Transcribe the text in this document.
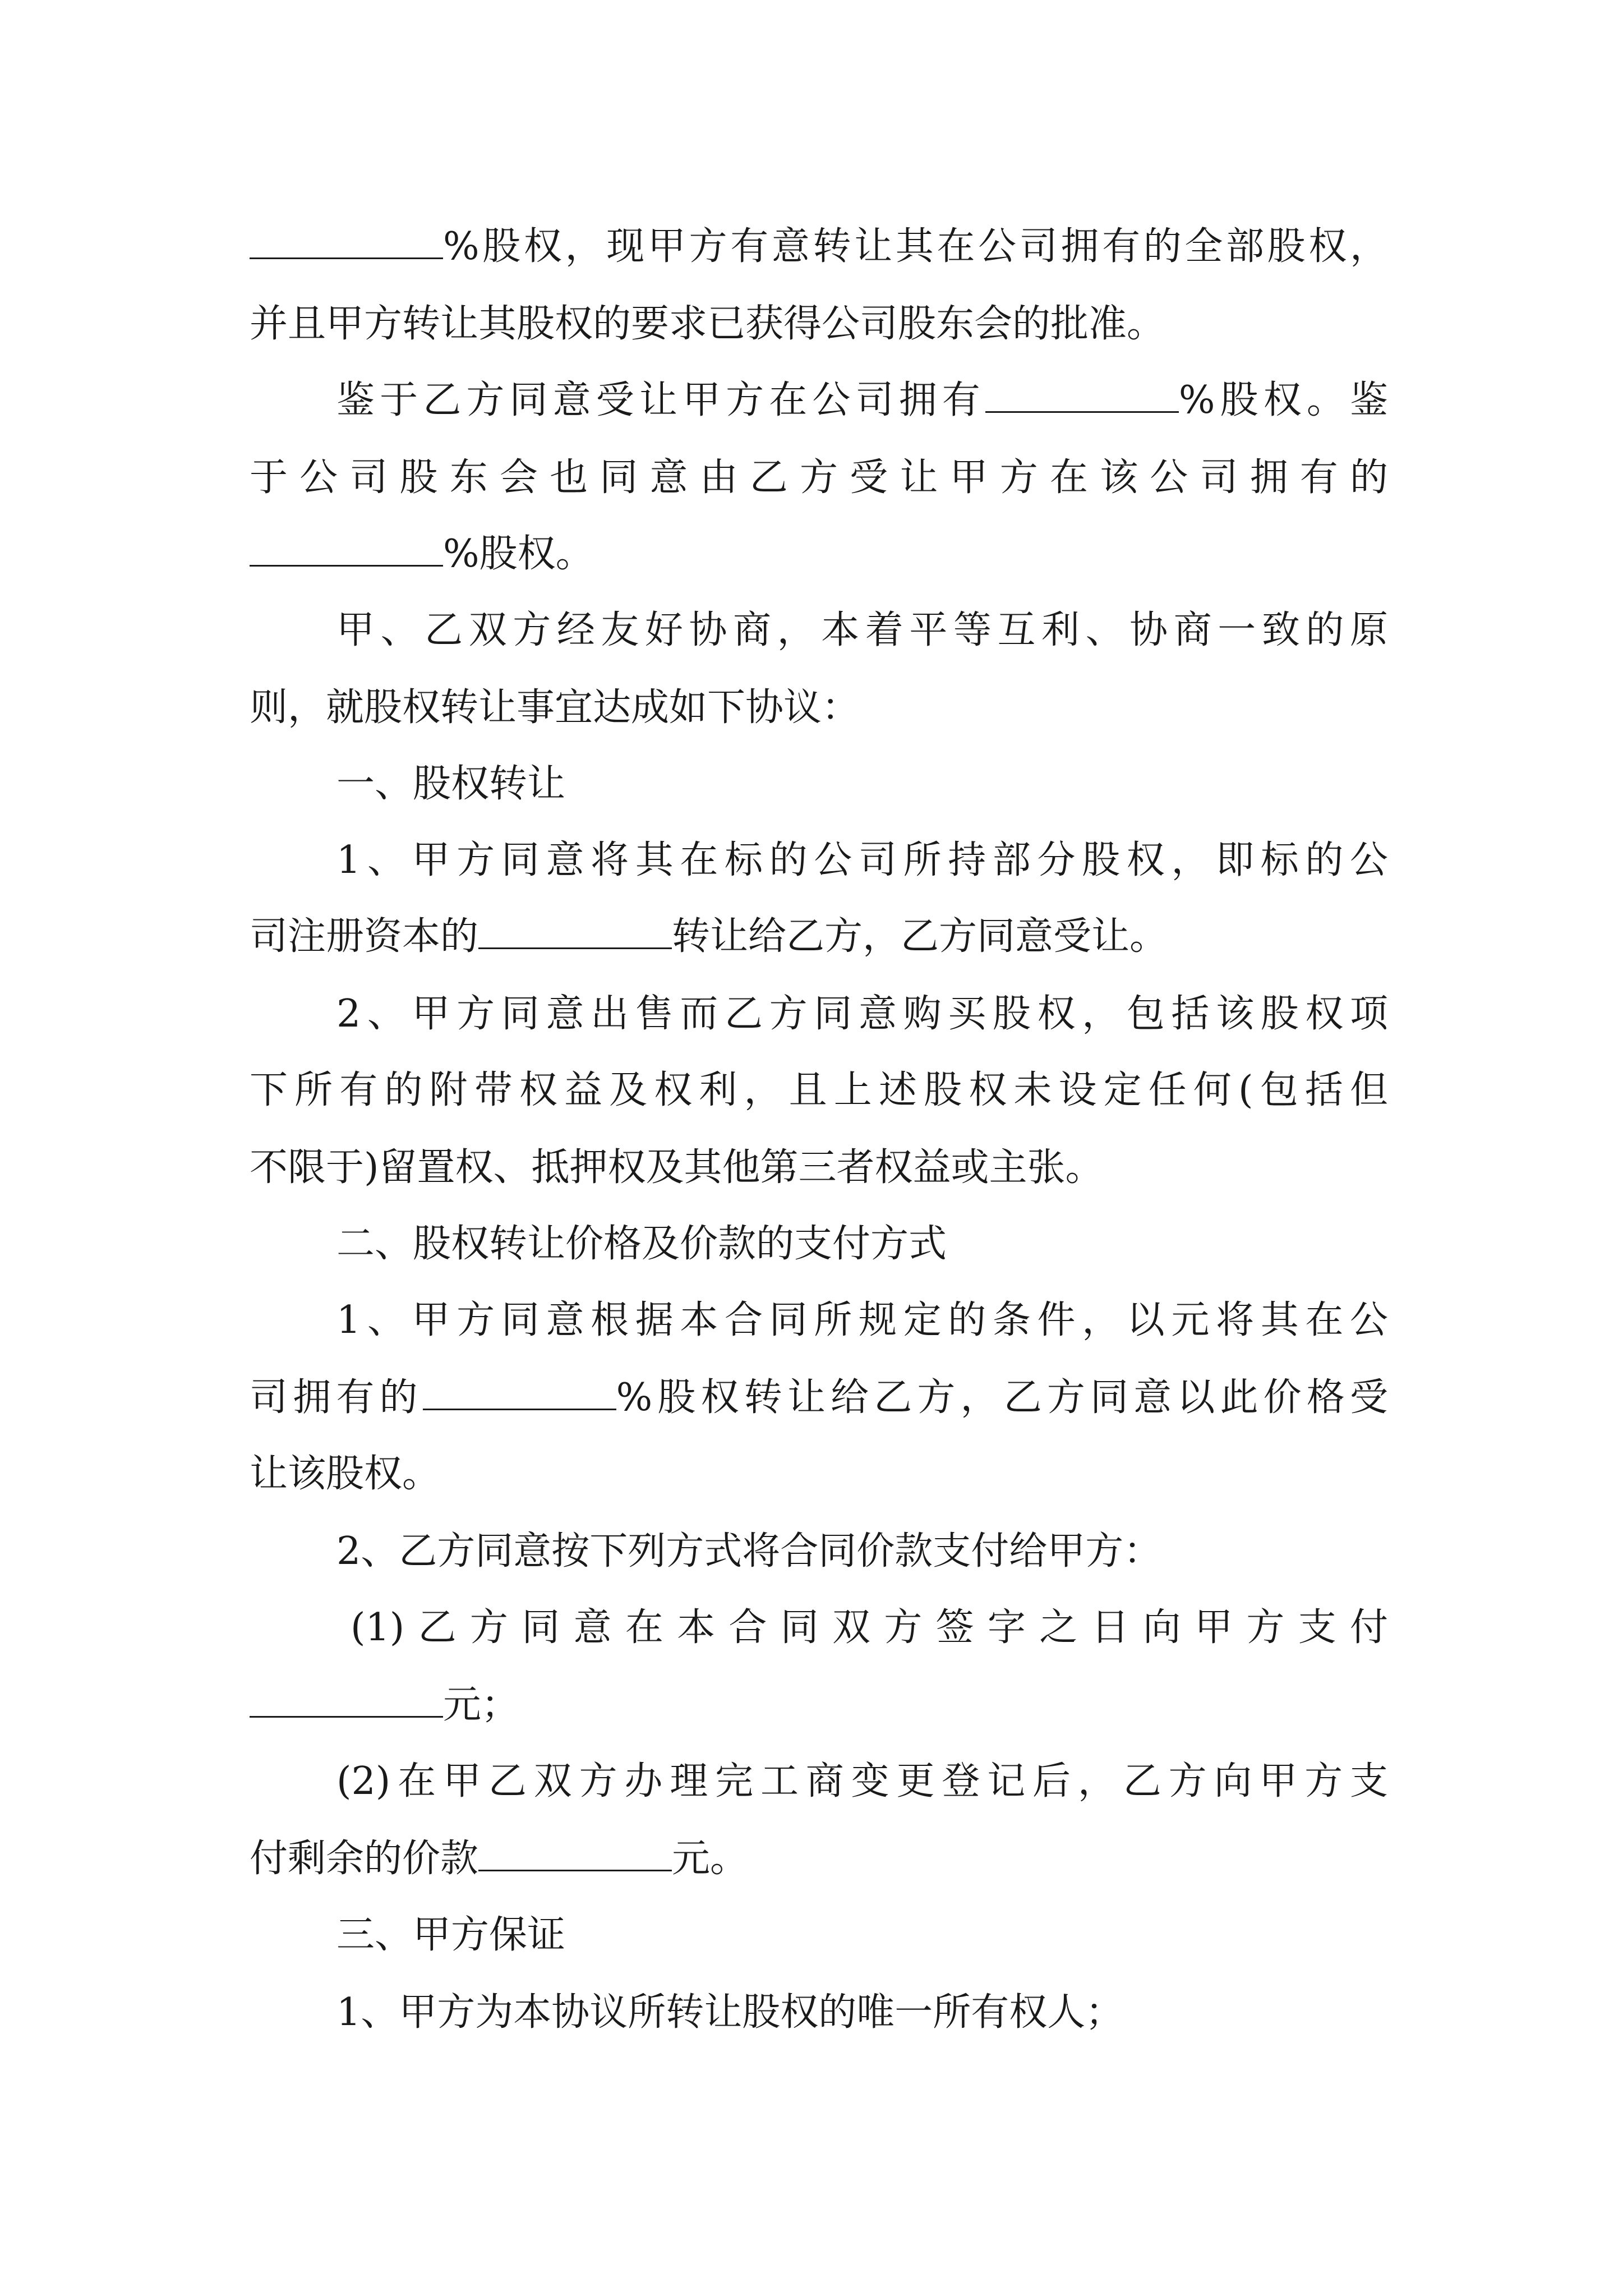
%股权，现甲方有意转让其在公司拥有的全部股权，
并且甲方转让其股权的要求已获得公司股东会的批准。
鉴于乙方同意受让甲方在公司拥有	%股权。鉴
于公司股东会也同意由乙方受让甲方在该公司拥有的
%股权。
甲、乙双方经友好协商，本着平等互利、协商一致的原
则，就股权转让事宜达成如下协议：
一、股权转让
1、甲方同意将其在标的公司所持部分股权，即标的公
司注册资本的	转让给乙方，乙方同意受让。
2、甲方同意出售而乙方同意购买股权，包括该股权项
下所有的附带权益及权利，且上述股权未设定任何(包括但
不限于)留置权、抵押权及其他第三者权益或主张。
二、股权转让价格及价款的支付方式
1、甲方同意根据本合同所规定的条件，以元将其在公
司拥有的	%股权转让给乙方，乙方同意以此价格受
让该股权。
2、乙方同意按下列方式将合同价款支付给甲方：
(1)乙方同意在本合同双方签字之日向甲方支付
元；
(2)在甲乙双方办理完工商变更登记后，乙方向甲方支
付剩余的价款	元。
三、甲方保证
1、甲方为本协议所转让股权的唯一所有权人；
